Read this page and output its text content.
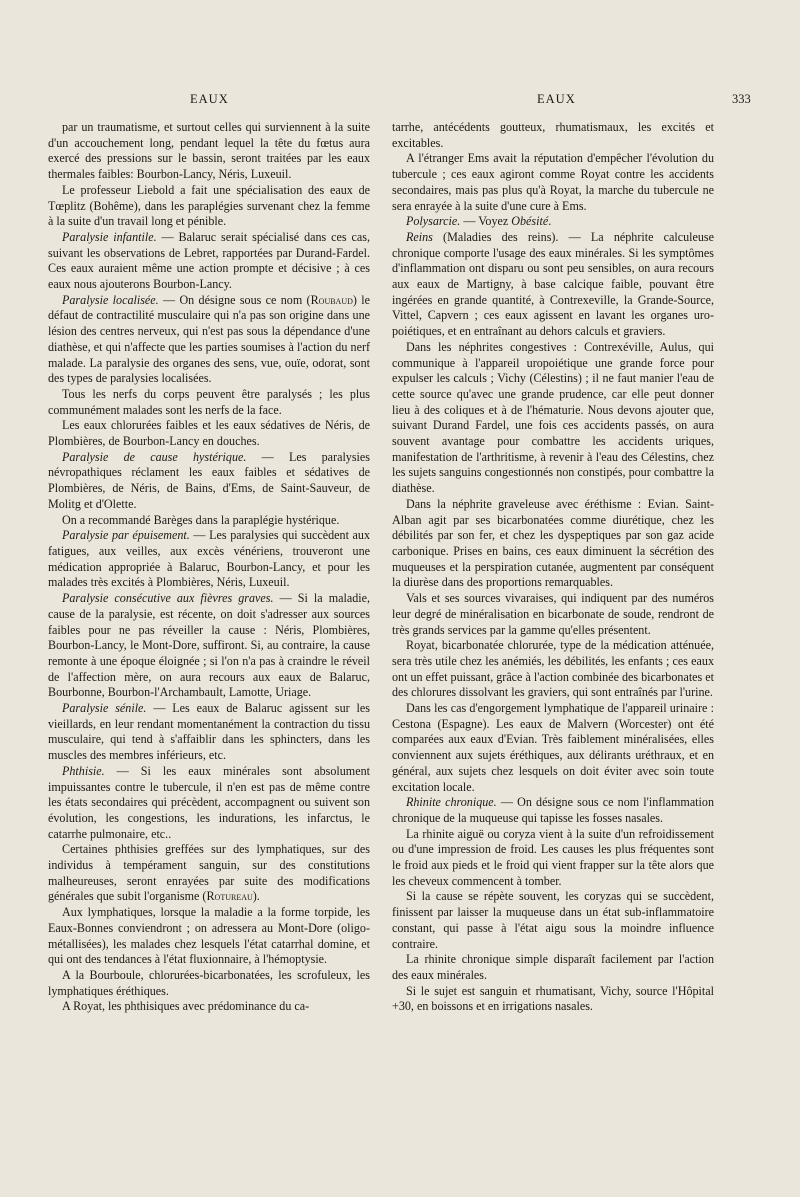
EAUX	EAUX	333

par un traumatisme, et surtout celles qui surviennent à la suite d'un accouchement long, pendant lequel la tête du fœtus aura exercé des pressions sur le bassin, seront traitées par les eaux thermales faibles: Bourbon-Lancy, Néris, Luxeuil.

Le professeur Liebold a fait une spécialisation des eaux de Tœplitz (Bohême), dans les paraplégies survenant chez la femme à la suite d'un travail long et pénible.

Paralysie infantile. — Balaruc serait spécialisé dans ces cas, suivant les observations de Lebret, rapportées par Durand-Fardel. Ces eaux auraient même une action prompte et décisive ; à ces eaux nous ajouterons Bourbon-Lancy.

Paralysie localisée. — On désigne sous ce nom (Roubaud) le défaut de contractilité musculaire qui n'a pas son origine dans une lésion des centres nerveux, qui n'est pas sous la dépendance d'une diathèse, et qui n'affecte que les parties soumises à l'action du nerf malade. La paralysie des organes des sens, vue, ouïe, odorat, sont des types de paralysies localisées.

Tous les nerfs du corps peuvent être paralysés ; les plus communément malades sont les nerfs de la face.

Les eaux chlorurées faibles et les eaux sédatives de Néris, de Plombières, de Bourbon-Lancy en douches.

Paralysie de cause hystérique. — Les paralysies névropathiques réclament les eaux faibles et sédatives de Plombières, de Néris, de Bains, d'Ems, de Saint-Sauveur, de Molitg et d'Olette.

On a recommandé Barèges dans la paraplégie hystérique.

Paralysie par épuisement. — Les paralysies qui succèdent aux fatigues, aux veilles, aux excès vénériens, trouveront une médication appropriée à Balaruc, Bourbon-Lancy, et pour les malades très excités à Plombières, Néris, Luxeuil.

Paralysie consécutive aux fièvres graves. — Si la maladie, cause de la paralysie, est récente, on doit s'adresser aux sources faibles pour ne pas réveiller la cause : Néris, Plombières, Bourbon-Lancy, le Mont-Dore, suffiront. Si, au contraire, la cause remonte à une époque éloignée ; si l'on n'a pas à craindre le réveil de l'affection mère, on aura recours aux eaux de Balaruc, Bourbonne, Bourbon-l'Archambault, Lamotte, Uriage.

Paralysie sénile. — Les eaux de Balaruc agissent sur les vieillards, en leur rendant momentanément la contraction du tissu musculaire, qui tend à s'affaiblir dans les sphincters, dans les muscles des membres inférieurs, etc.

Phthisie. — Si les eaux minérales sont absolument impuissantes contre le tubercule, il n'en est pas de même contre les états secondaires qui précèdent, accompagnent ou suivent son évolution, les congestions, les indurations, les infarctus, le catarrhe pulmonaire, etc..

Certaines phthisies greffées sur des lymphatiques, sur des individus à tempérament sanguin, sur des constitutions malheureuses, seront enrayées par suite des modifications générales que subit l'organisme (Rotureau).

Aux lymphatiques, lorsque la maladie a la forme torpide, les Eaux-Bonnes conviendront ; on adressera au Mont-Dore (oligo-métallisées), les malades chez lesquels l'état catarrhal domine, et qui ont des tendances à l'état fluxionnaire, à l'hémoptysie.

A la Bourboule, chlorurées-bicarbonatées, les scrofuleux, les lymphatiques éréthiques.

A Royat, les phthisiques avec prédominance du ca-

tarrhe, antécédents goutteux, rhumatismaux, les excités et excitables.

A l'étranger Ems avait la réputation d'empêcher l'évolution du tubercule ; ces eaux agiront comme Royat contre les accidents secondaires, mais pas plus qu'à Royat, la marche du tubercule ne sera enrayée à la suite d'une cure à Ems.

Polysarcie. — Voyez Obésité.

Reins (Maladies des reins). — La néphrite calculeuse chronique comporte l'usage des eaux minérales. Si les symptômes d'inflammation ont disparu ou sont peu sensibles, on aura recours aux eaux de Martigny, à base calcique faible, pouvant être ingérées en grande quantité, à Contrexeville, la Grande-Source, Vittel, Capvern ; ces eaux agissent en lavant les organes uro-poiétiques, et en entraînant au dehors calculs et graviers.

Dans les néphrites congestives : Contrexéville, Aulus, qui communique à l'appareil uropoiétique une grande force pour expulser les calculs ; Vichy (Célestins) ; il ne faut manier l'eau de cette source qu'avec une grande prudence, car elle peut donner lieu à des coliques et à de l'hématurie. Nous devons ajouter que, suivant Durand Fardel, une fois ces accidents passés, on aura souvent avantage pour combattre les accidents uriques, manifestation de l'arthritisme, à revenir à l'eau des Célestins, chez les sujets sanguins congestionnés non constipés, pour combattre la diathèse.

Dans la néphrite graveleuse avec éréthisme : Evian. Saint-Alban agit par ses bicarbonatées comme diurétique, chez les débilités par son fer, et chez les dyspeptiques par son gaz acide carbonique. Prises en bains, ces eaux diminuent la sécrétion des muqueuses et la perspiration cutanée, augmentent par conséquent la diurèse dans des proportions remarquables.

Vals et ses sources vivaraises, qui indiquent par des numéros leur degré de minéralisation en bicarbonate de soude, rendront de très grands services par la gamme qu'elles présentent.

Royat, bicarbonatée chlorurée, type de la médication atténuée, sera très utile chez les anémiés, les débilités, les enfants ; ces eaux ont un effet puissant, grâce à l'action combinée des bicarbonates et des chlorures dissolvant les graviers, qui sont entraînés par l'urine.

Dans les cas d'engorgement lymphatique de l'appareil urinaire : Cestona (Espagne). Les eaux de Malvern (Worcester) ont été comparées aux eaux d'Evian. Très faiblement minéralisées, elles conviennent aux sujets éréthiques, aux délirants uréthraux, et en général, aux sujets chez lesquels on doit éviter avec soin toute excitation locale.

Rhinite chronique. — On désigne sous ce nom l'inflammation chronique de la muqueuse qui tapisse les fosses nasales.

La rhinite aiguë ou coryza vient à la suite d'un refroidissement ou d'une impression de froid. Les causes les plus fréquentes sont le froid aux pieds et le froid qui vient frapper sur la tête alors que les cheveux commencent à tomber.

Si la cause se répète souvent, les coryzas qui se succèdent, finissent par laisser la muqueuse dans un état sub-inflammatoire constant, qui passe à l'état aigu sous la moindre influence contraire.

La rhinite chronique simple disparaît facilement par l'action des eaux minérales.

Si le sujet est sanguin et rhumatisant, Vichy, source l'Hôpital +30, en boissons et en irrigations nasales.
